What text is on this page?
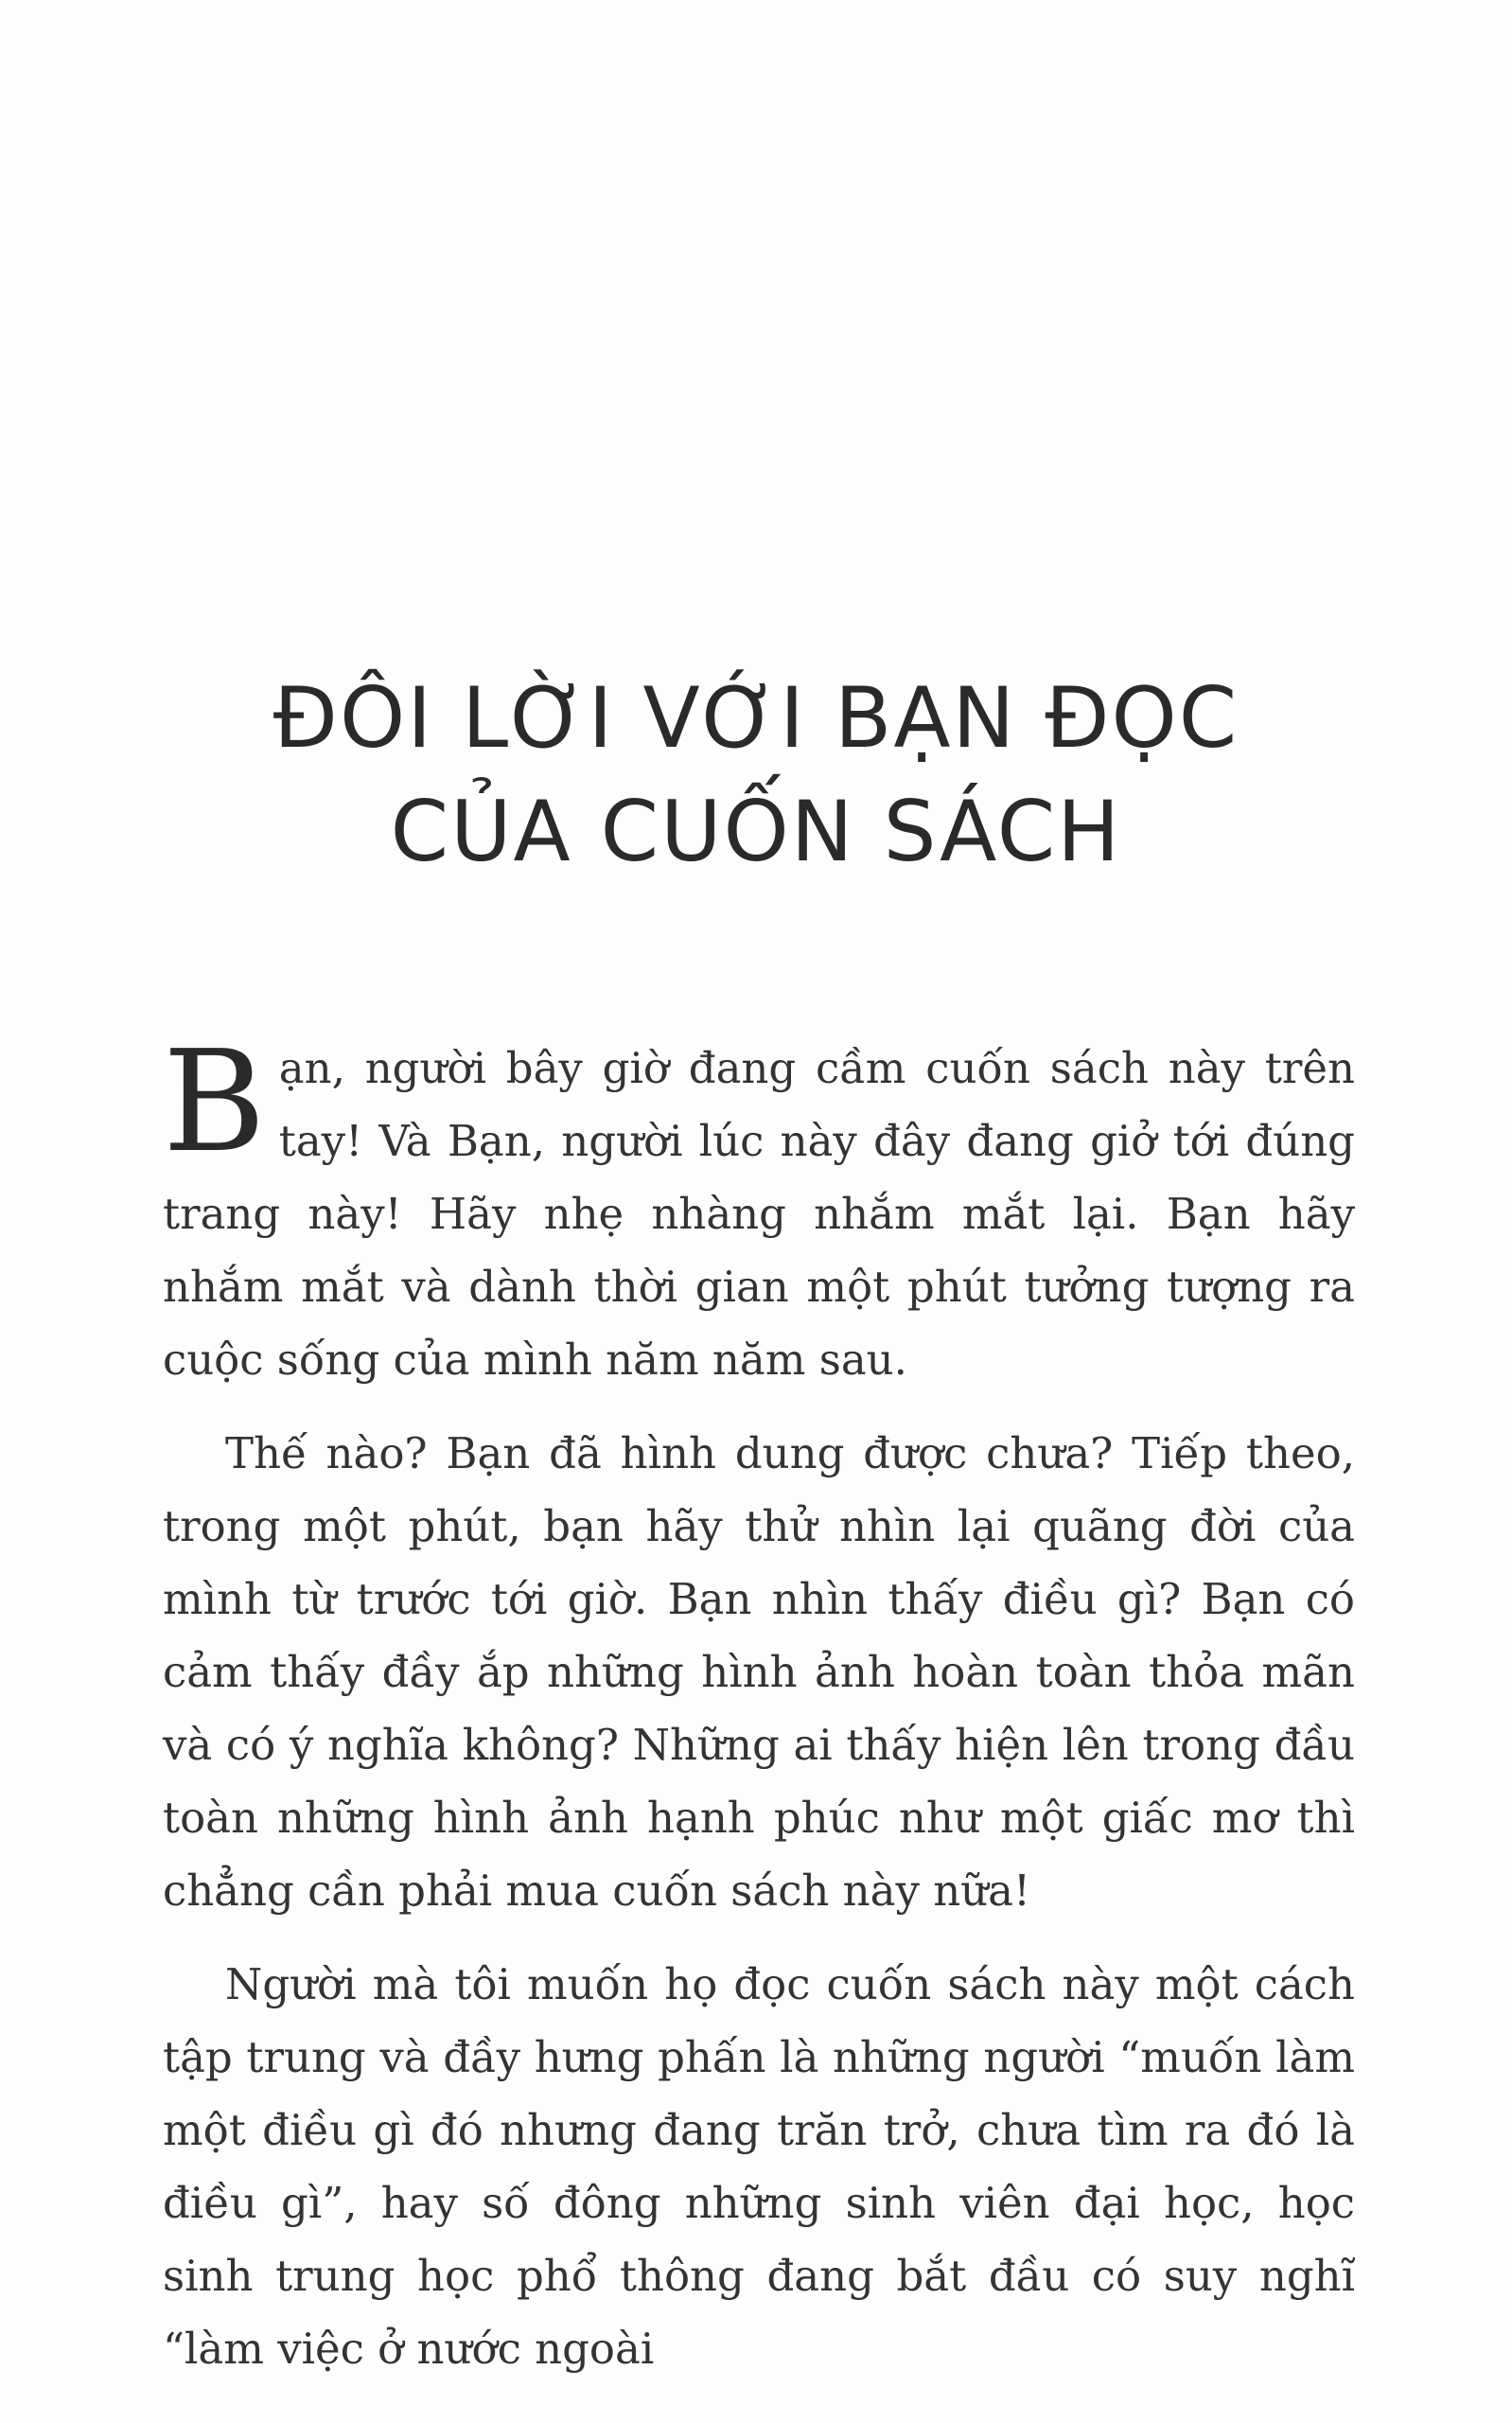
ĐÔI LỜI VỚI BẠN ĐỌC
CỦA CUỐN SÁCH

B ạn, người bây giờ đang cầm cuốn sách này trên tay! Và Bạn, người lúc này đây đang giở tới đúng trang này! Hãy nhẹ nhàng nhắm mắt lại. Bạn hãy nhắm mắt và dành thời gian một phút tưởng tượng ra cuộc sống của mình năm năm sau.

Thế nào? Bạn đã hình dung được chưa? Tiếp theo, trong một phút, bạn hãy thử nhìn lại quãng đời của mình từ trước tới giờ. Bạn nhìn thấy điều gì? Bạn có cảm thấy đầy ắp những hình ảnh hoàn toàn thỏa mãn và có ý nghĩa không? Những ai thấy hiện lên trong đầu toàn những hình ảnh hạnh phúc như một giấc mơ thì chẳng cần phải mua cuốn sách này nữa!

Người mà tôi muốn họ đọc cuốn sách này một cách tập trung và đầy hưng phấn là những người “muốn làm một điều gì đó nhưng đang trăn trở, chưa tìm ra đó là điều gì”, hay số đông những sinh viên đại học, học sinh trung học phổ thông đang bắt đầu có suy nghĩ “làm việc ở nước ngoài
